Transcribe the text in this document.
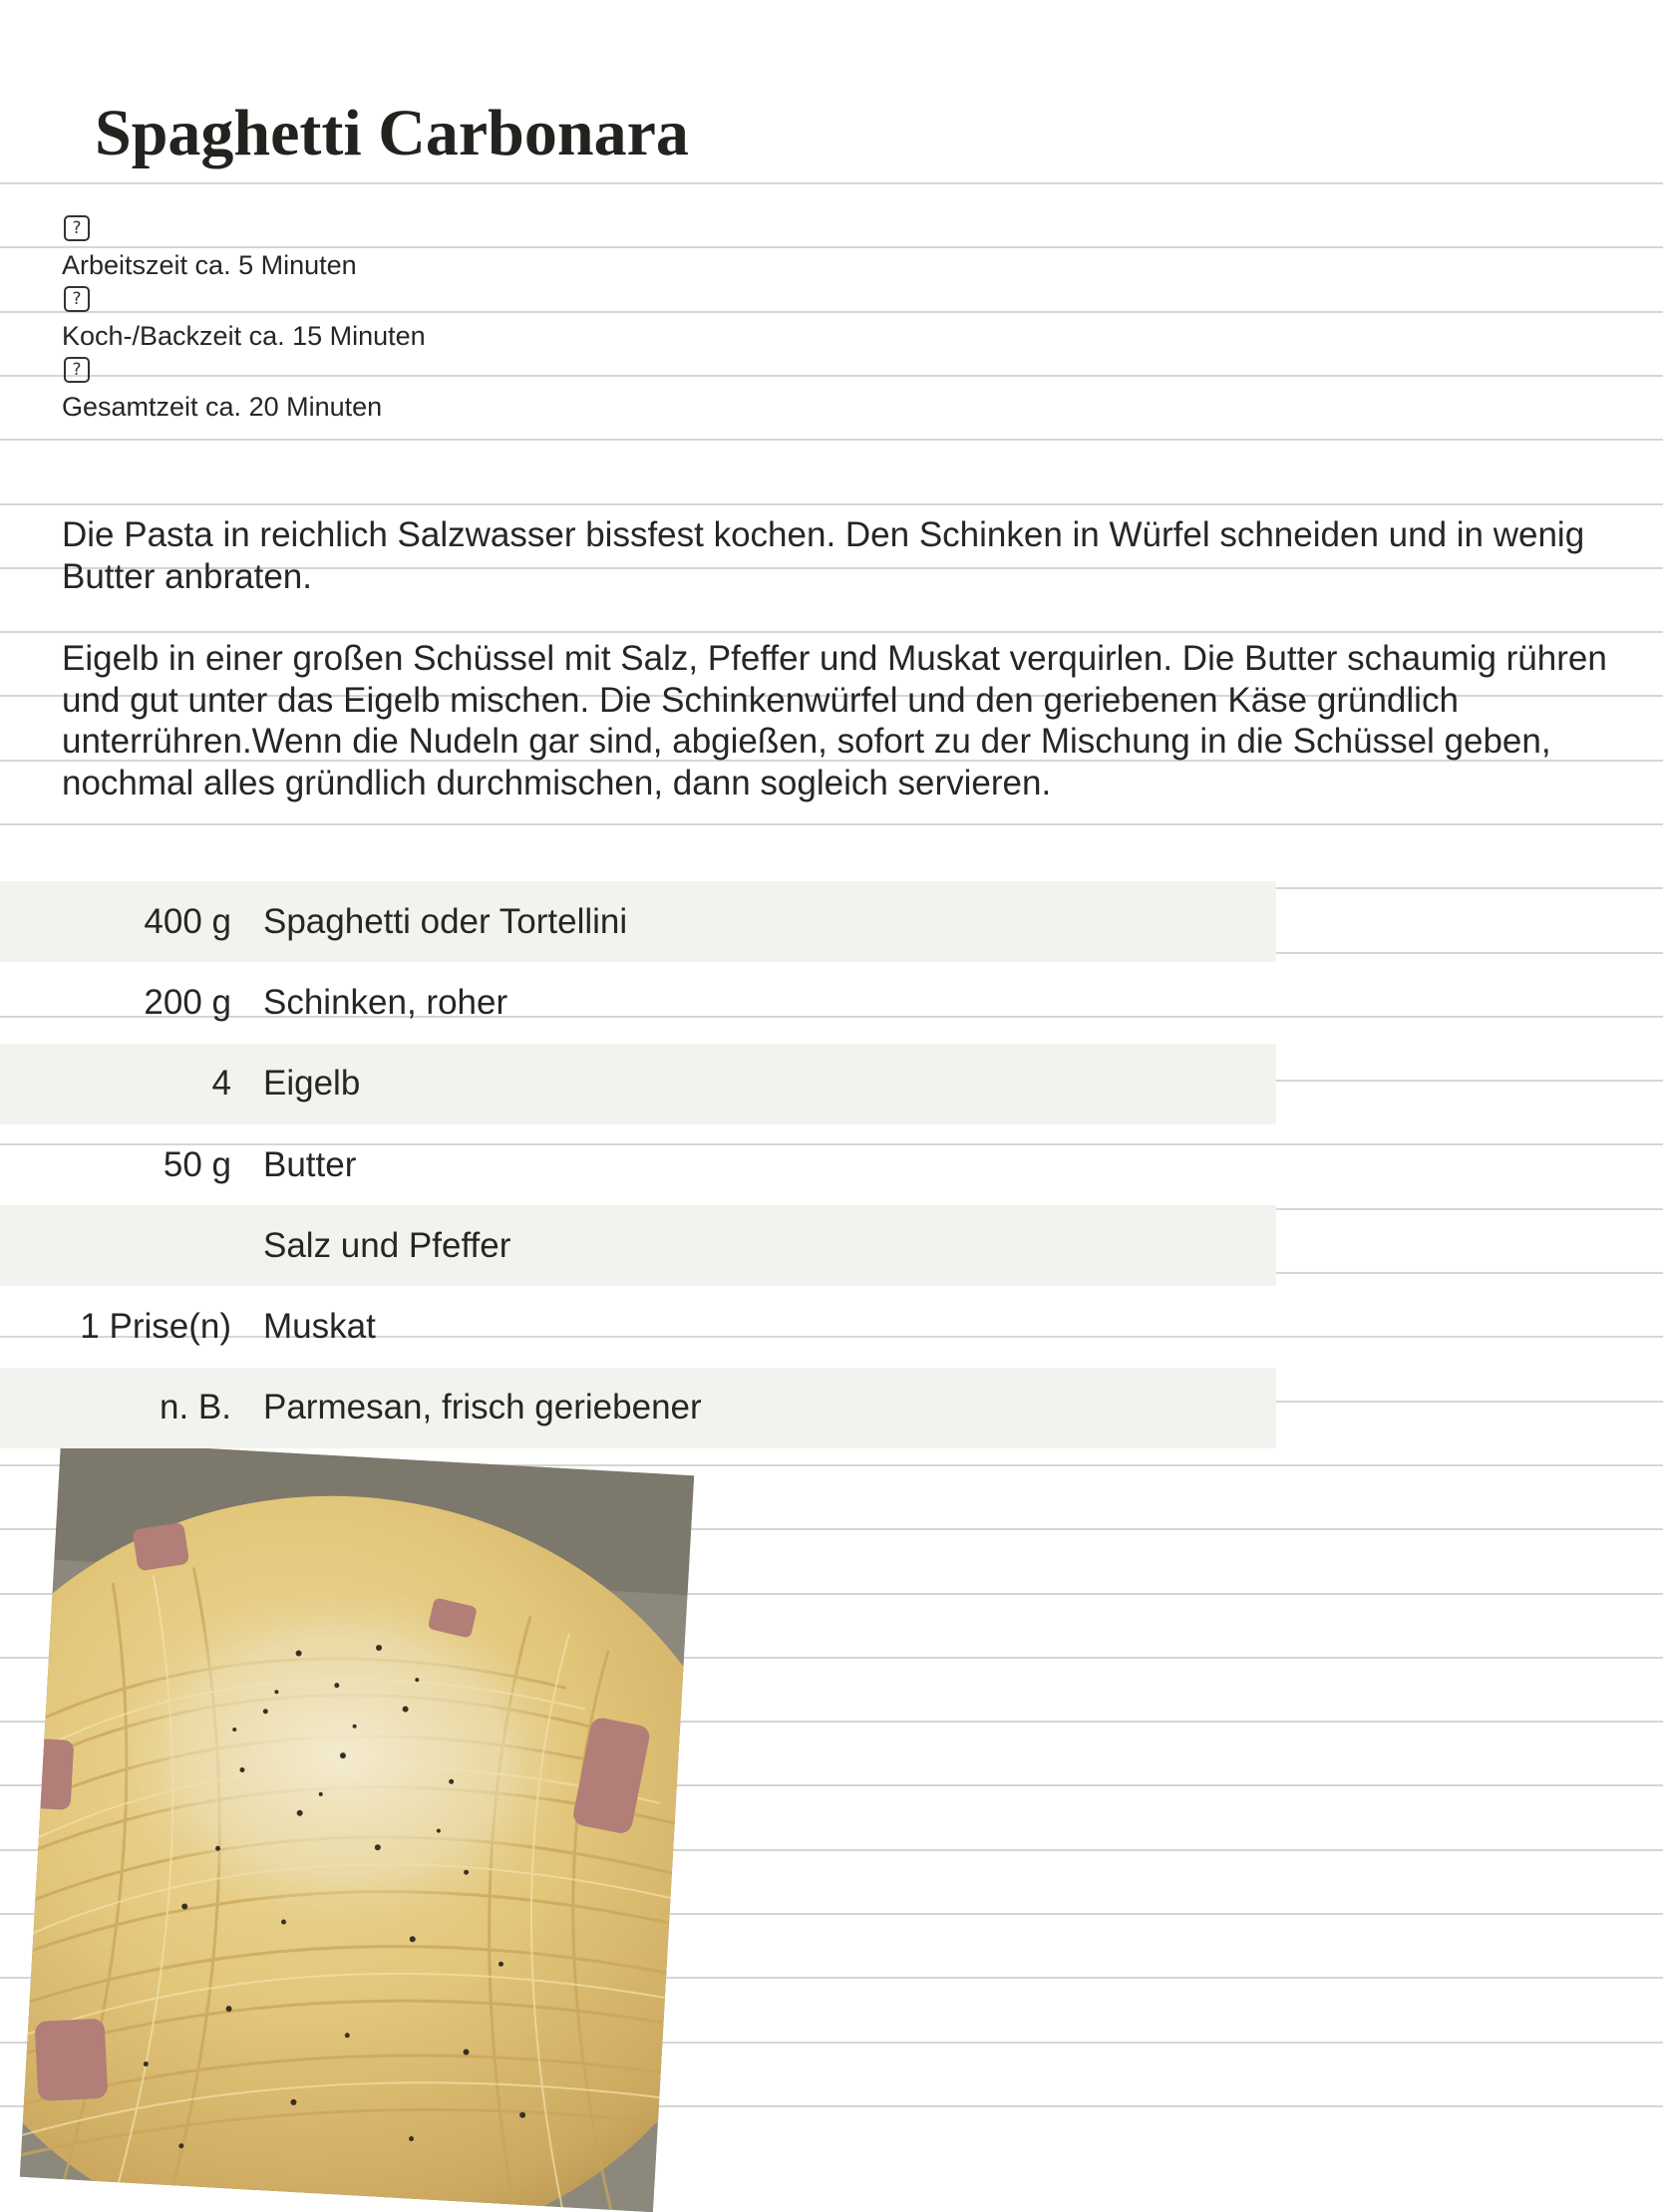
Spaghetti Carbonara
?
Arbeitszeit ca. 5 Minuten
?
Koch-/Backzeit ca. 15 Minuten
?
Gesamtzeit ca. 20 Minuten

Die Pasta in reichlich Salzwasser bissfest kochen. Den Schinken in Würfel schneiden und in wenig Butter anbraten.

Eigelb in einer großen Schüssel mit Salz, Pfeffer und Muskat verquirlen. Die Butter schaumig rühren und gut unter das Eigelb mischen. Die Schinkenwürfel und den geriebenen Käse gründlich unterrühren.Wenn die Nudeln gar sind, abgießen, sofort zu der Mischung in die Schüssel geben, nochmal alles gründlich durchmischen, dann sogleich servieren.

400 g	Spaghetti oder Tortellini
200 g	Schinken, roher
4	Eigelb
50 g	Butter
	Salz und Pfeffer
1 Prise(n)	Muskat
n. B.	Parmesan, frisch geriebener
